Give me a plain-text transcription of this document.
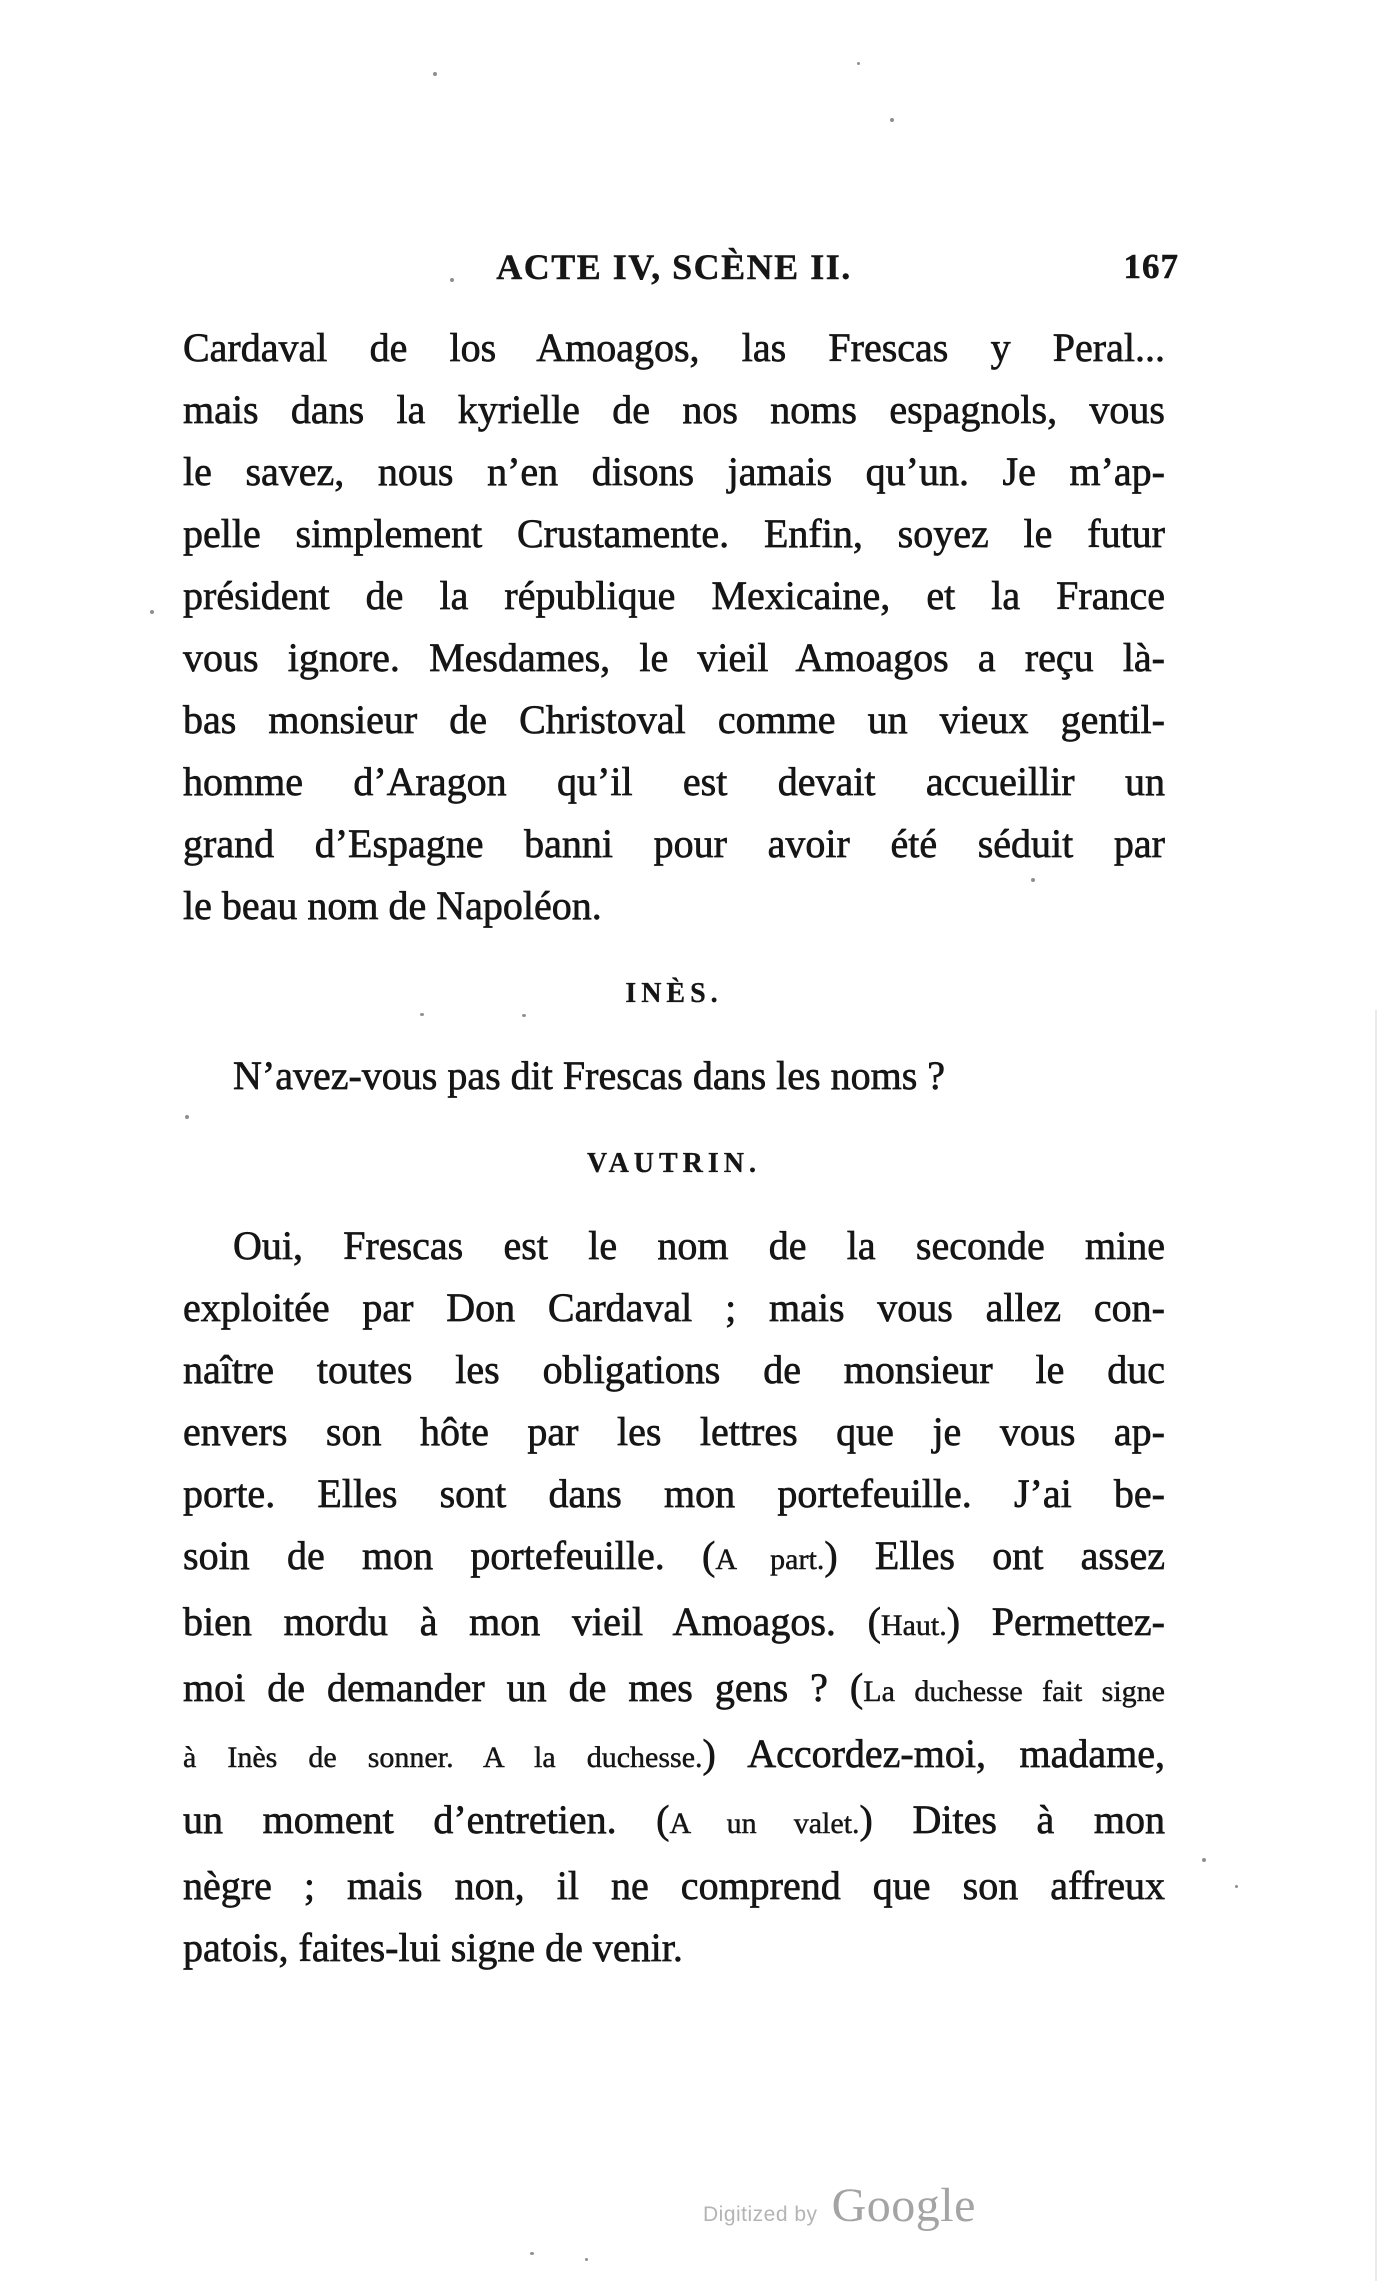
ACTE IV, SCÈNE II.	167
Cardaval de los Amoagos, las Frescas y Peral...
mais dans la kyrielle de nos noms espagnols, vous
le savez, nous n’en disons jamais qu’un. Je m’ap-
pelle simplement Crustamente. Enfin, soyez le futur
président de la république Mexicaine, et la France
vous ignore. Mesdames, le vieil Amoagos a reçu là-
bas monsieur de Christoval comme un vieux gentil-
homme d’Aragon qu’il est devait accueillir un
grand d’Espagne banni pour avoir été séduit par
le beau nom de Napoléon.
INÈS.
N’avez-vous pas dit Frescas dans les noms ?
VAUTRIN.
Oui, Frescas est le nom de la seconde mine
exploitée par Don Cardaval ; mais vous allez con-
naître toutes les obligations de monsieur le duc
envers son hôte par les lettres que je vous ap-
porte. Elles sont dans mon portefeuille. J’ai be-
soin de mon portefeuille. (A part.) Elles ont assez
bien mordu à mon vieil Amoagos. (Haut.) Permettez-
moi de demander un de mes gens ? (La duchesse fait signe
à Inès de sonner. A la duchesse.) Accordez-moi, madame,
un moment d’entretien. (A un valet.) Dites à mon
nègre ; mais non, il ne comprend que son affreux
patois, faites-lui signe de venir.
Digitized by Google
